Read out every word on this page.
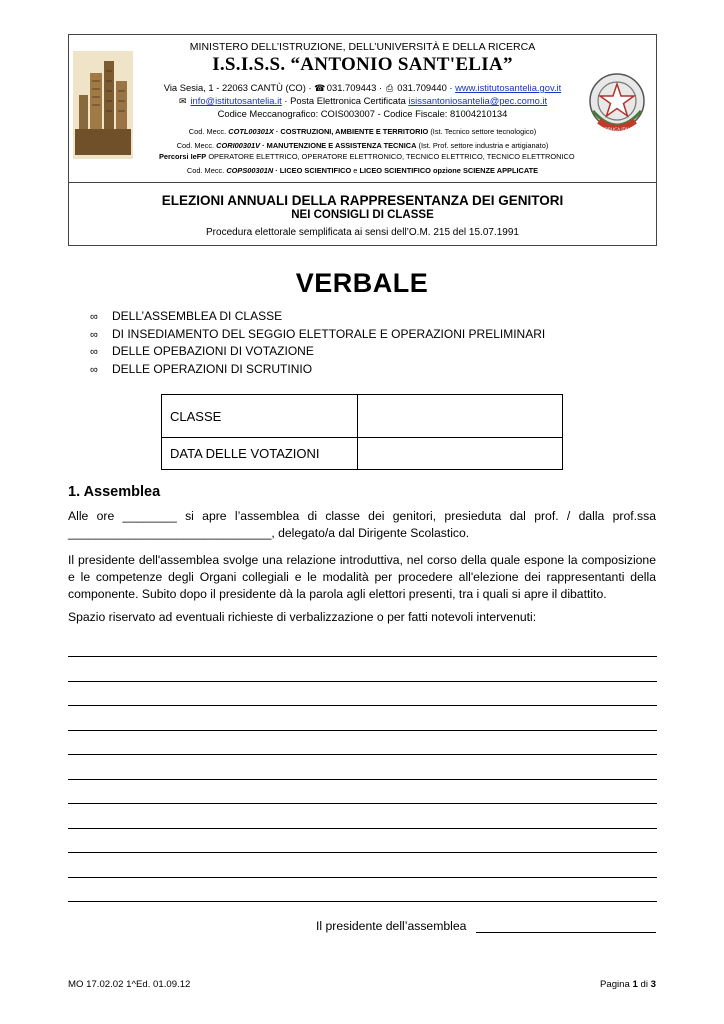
MINISTERO DELL’ISTRUZIONE, DELL’UNIVERSITÀ E DELLA RICERCA
I.S.I.S.S. “ANTONIO SANT'ELIA”
Via Sesia, 1 - 22063 CANTÙ (CO) · ☎ 031.709443 · ⎙ 031.709440 · www.istitutosantelia.gov.it
✉ info@istitutosantelia.it · Posta Elettronica Certificata isissantoniosantelia@pec.como.it
Codice Meccanografico: COIS003007 - Codice Fiscale: 81004210134
Cod. Mecc. COTL00301X · COSTRUZIONI, AMBIENTE E TERRITORIO (Ist. Tecnico settore tecnologico)
Cod. Mecc. CORI00301V · MANUTENZIONE E ASSISTENZA TECNICA (Ist. Prof. settore industria e artigianato)
Percorsi IeFP OPERATORE ELETTRICO, OPERATORE ELETTRONICO, TECNICO ELETTRICO, TECNICO ELETTRONICO
Cod. Mecc. COPS00301N · LICEO SCIENTIFICO e LICEO SCIENTIFICO opzione SCIENZE APPLICATE
REPUBBLICA ITALIANA
ELEZIONI ANNUALI DELLA RAPPRESENTANZA DEI GENITORI
NEI CONSIGLI DI CLASSE
Procedura elettorale semplificata ai sensi dell’O.M. 215 del 15.07.1991
VERBALE
∞ DELL’ASSEMBLEA DI CLASSE
∞ DI INSEDIAMENTO DEL SEGGIO ELETTORALE E OPERAZIONI PRELIMINARI
∞ DELLE OPEBAZIONI DI VOTAZIONE
∞ DELLE OPERAZIONI DI SCRUTINIO
CLASSE	
DATA DELLE VOTAZIONI	
1. Assemblea
Alle ore ________ si apre l’assemblea di classe dei genitori, presieduta dal prof. / dalla prof.ssa ______________________________, delegato/a dal Dirigente Scolastico.
Il presidente dell'assemblea svolge una relazione introduttiva, nel corso della quale espone la composizione e le competenze degli Organi collegiali e le modalità per procedere all'elezione dei rappresentanti della componente. Subito dopo il presidente dà la parola agli elettori presenti, tra i quali si apre il dibattito.
Spazio riservato ad eventuali richieste di verbalizzazione o per fatti notevoli intervenuti:
Il presidente dell’assemblea
MO 17.02.02 1^Ed. 01.09.12	Pagina 1 di 3
